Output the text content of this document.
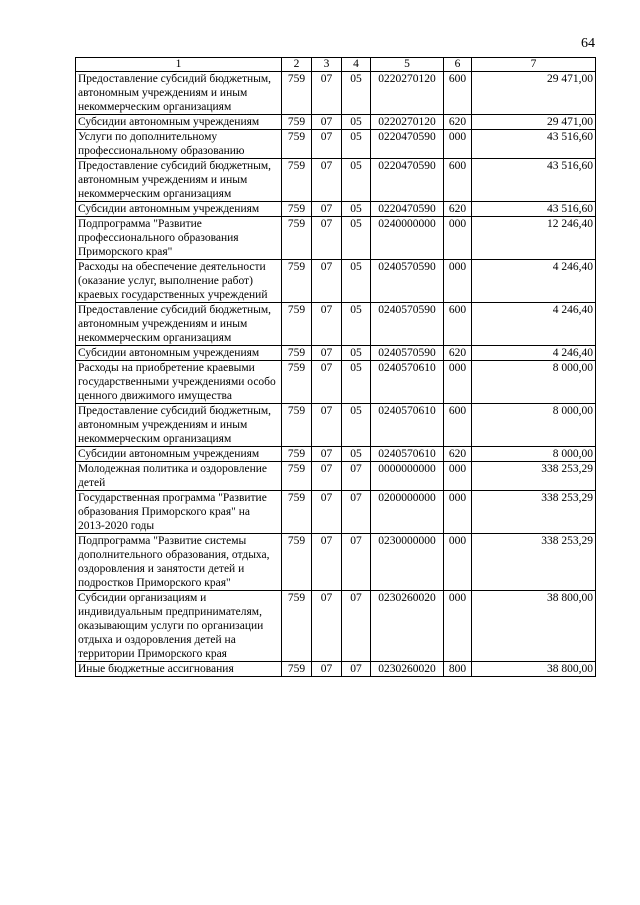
64
1	2	3	4	5	6	7
Предоставление субсидий бюджетным, автономным учреждениям и иным некоммерческим организациям	759	07	05	0220270120	600	29 471,00
Субсидии автономным учреждениям	759	07	05	0220270120	620	29 471,00
Услуги по дополнительному профессиональному образованию	759	07	05	0220470590	000	43 516,60
Предоставление субсидий бюджетным, автономным учреждениям и иным некоммерческим организациям	759	07	05	0220470590	600	43 516,60
Субсидии автономным учреждениям	759	07	05	0220470590	620	43 516,60
Подпрограмма "Развитие профессионального образования Приморского края"	759	07	05	0240000000	000	12 246,40
Расходы на обеспечение деятельности (оказание услуг, выполнение работ) краевых государственных учреждений	759	07	05	0240570590	000	4 246,40
Предоставление субсидий бюджетным, автономным учреждениям и иным некоммерческим организациям	759	07	05	0240570590	600	4 246,40
Субсидии автономным учреждениям	759	07	05	0240570590	620	4 246,40
Расходы на приобретение краевыми государственными учреждениями особо ценного движимого имущества	759	07	05	0240570610	000	8 000,00
Предоставление субсидий бюджетным, автономным учреждениям и иным некоммерческим организациям	759	07	05	0240570610	600	8 000,00
Субсидии автономным учреждениям	759	07	05	0240570610	620	8 000,00
Молодежная политика и оздоровление детей	759	07	07	0000000000	000	338 253,29
Государственная программа "Развитие образования Приморского края" на 2013-2020 годы	759	07	07	0200000000	000	338 253,29
Подпрограмма "Развитие системы дополнительного образования, отдыха, оздоровления и занятости детей и подростков Приморского края"	759	07	07	0230000000	000	338 253,29
Субсидии организациям и индивидуальным предпринимателям, оказывающим услуги по организации отдыха и оздоровления детей на территории Приморского края	759	07	07	0230260020	000	38 800,00
Иные бюджетные ассигнования	759	07	07	0230260020	800	38 800,00
